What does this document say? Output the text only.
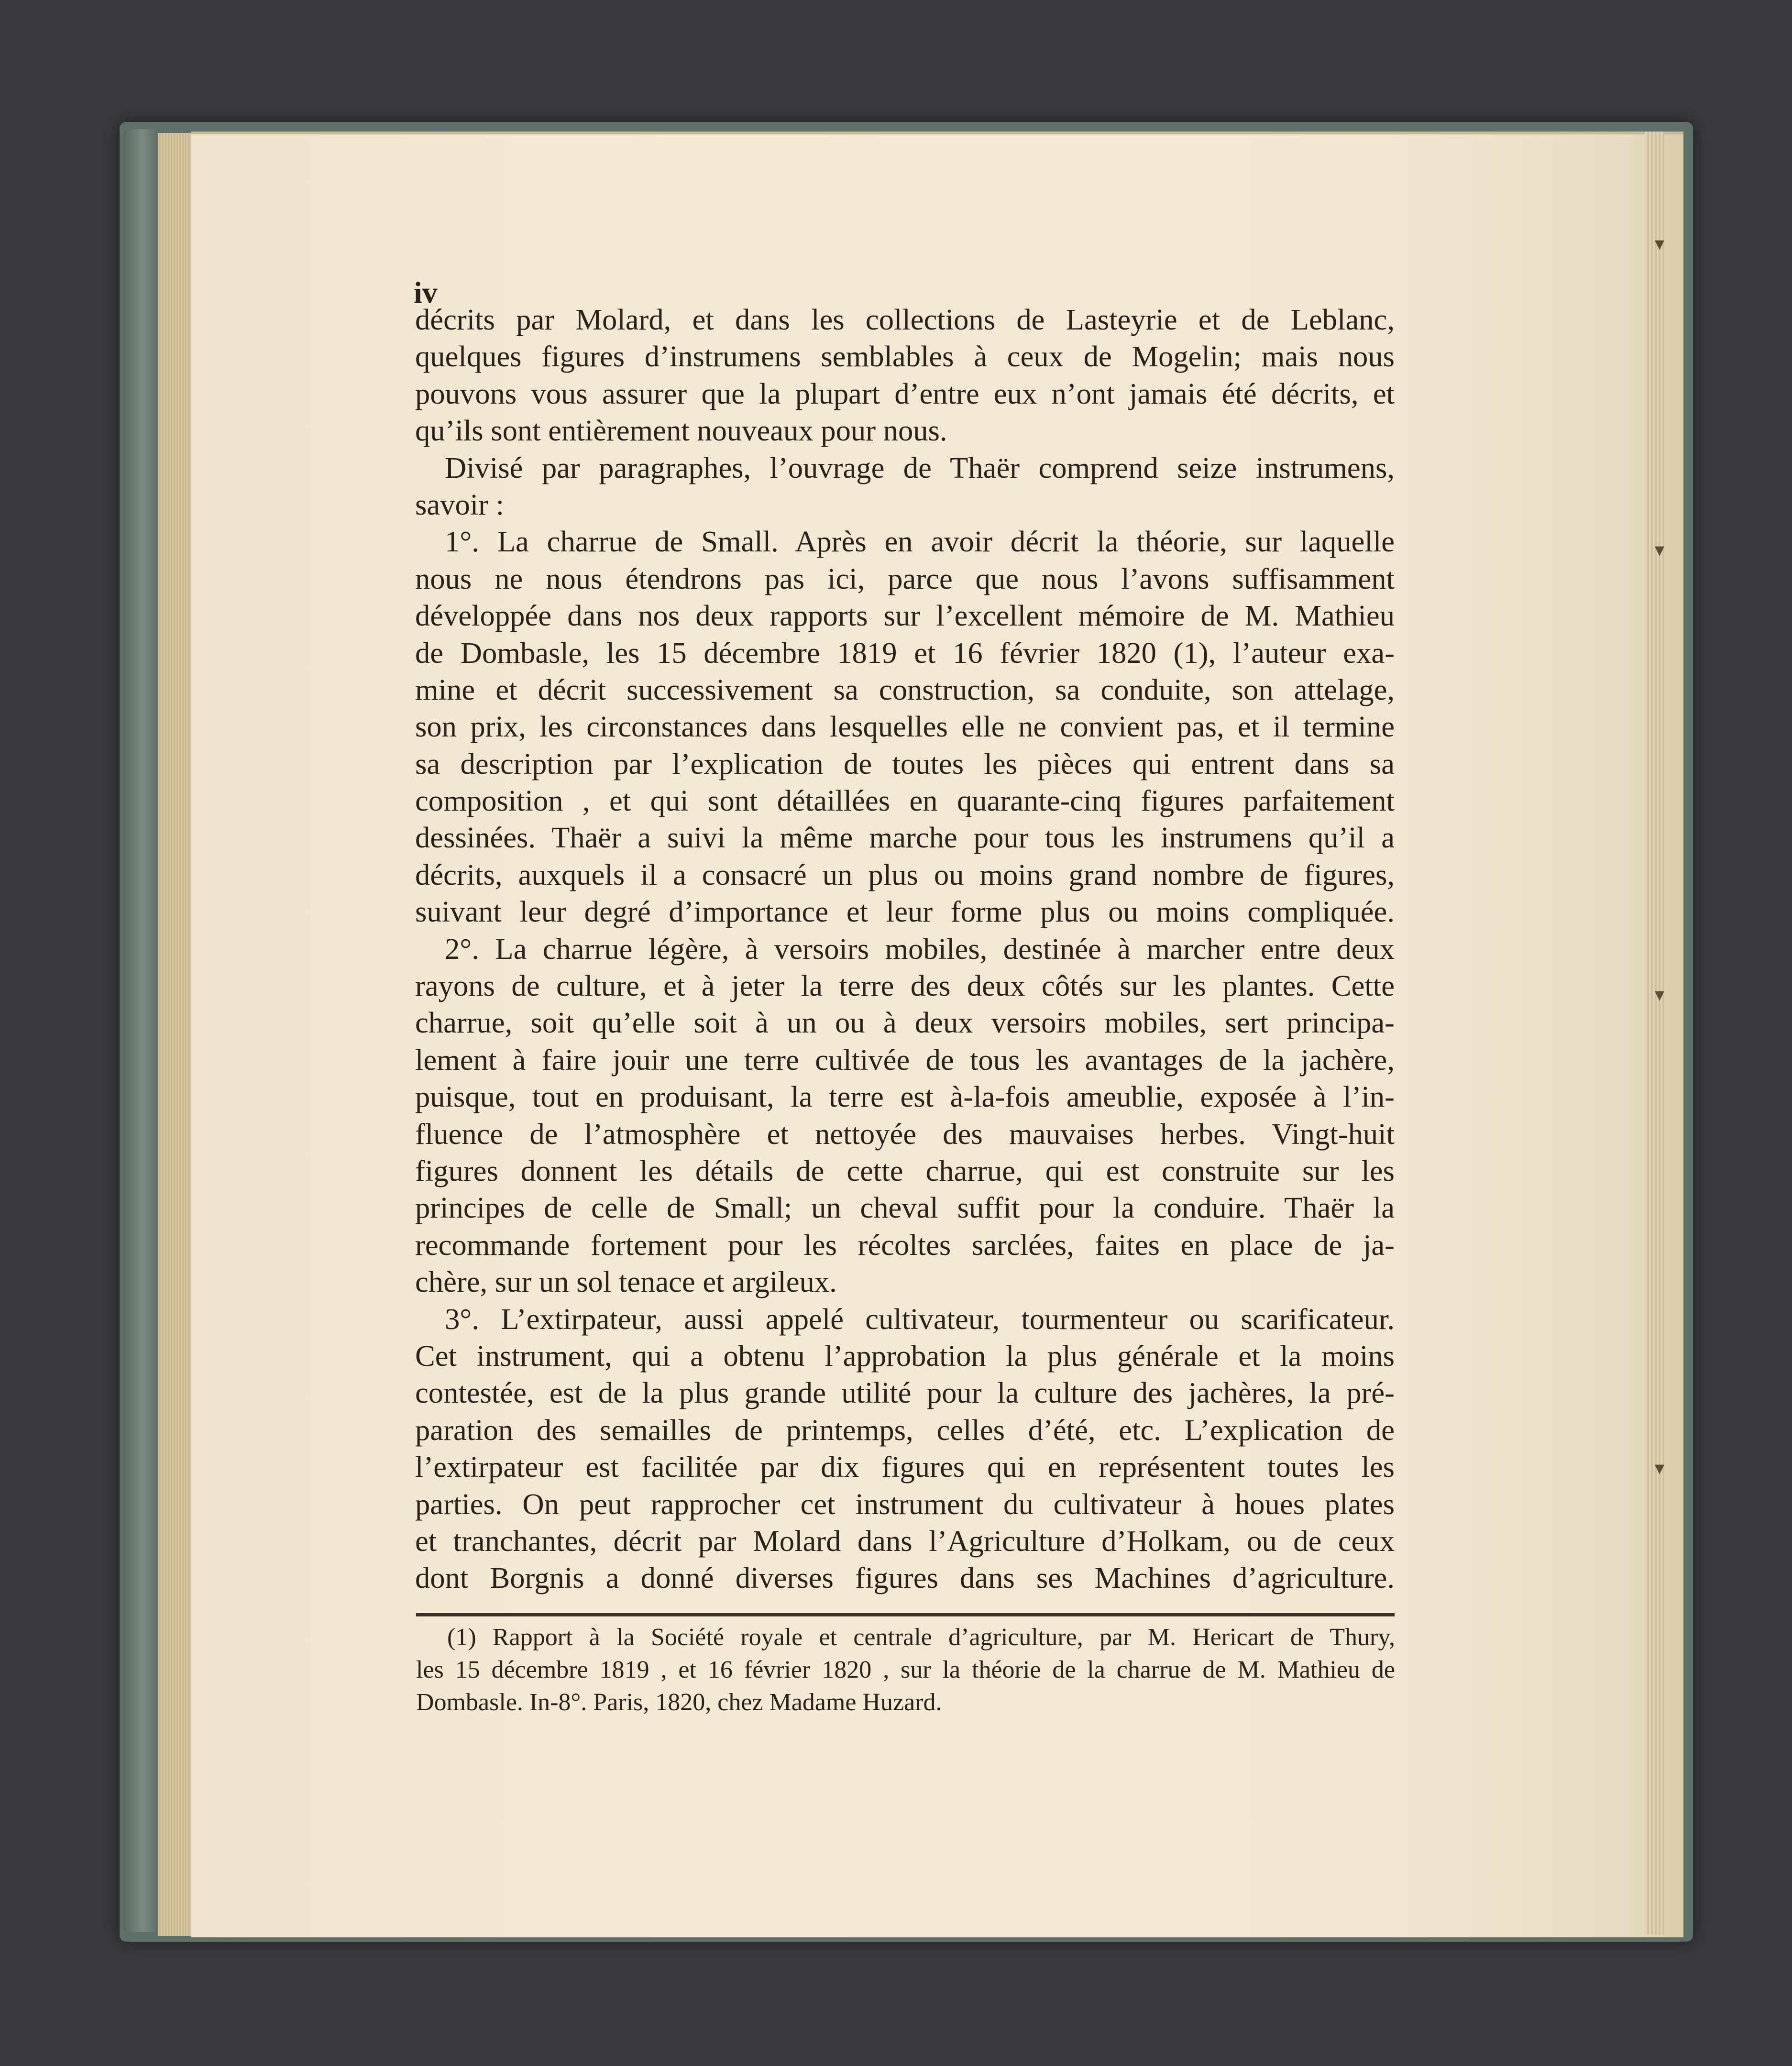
▾
▾
▾
▾
iv
décrits par Molard, et dans les collections de Lasteyrie et de Leblanc,
quelques figures d’instrumens semblables à ceux de Mogelin; mais nous
pouvons vous assurer que la plupart d’entre eux n’ont jamais été décrits, et
qu’ils sont entièrement nouveaux pour nous.
Divisé par paragraphes, l’ouvrage de Thaër comprend seize instrumens,
savoir :
1°. La charrue de Small. Après en avoir décrit la théorie, sur laquelle
nous ne nous étendrons pas ici, parce que nous l’avons suffisamment
développée dans nos deux rapports sur l’excellent mémoire de M. Mathieu
de Dombasle, les 15 décembre 1819 et 16 février 1820 (1), l’auteur exa-
mine et décrit successivement sa construction, sa conduite, son attelage,
son prix, les circonstances dans lesquelles elle ne convient pas, et il termine
sa description par l’explication de toutes les pièces qui entrent dans sa
composition , et qui sont détaillées en quarante-cinq figures parfaitement
dessinées. Thaër a suivi la même marche pour tous les instrumens qu’il a
décrits, auxquels il a consacré un plus ou moins grand nombre de figures,
suivant leur degré d’importance et leur forme plus ou moins compliquée.
2°. La charrue légère, à versoirs mobiles, destinée à marcher entre deux
rayons de culture, et à jeter la terre des deux côtés sur les plantes. Cette
charrue, soit qu’elle soit à un ou à deux versoirs mobiles, sert principa-
lement à faire jouir une terre cultivée de tous les avantages de la jachère,
puisque, tout en produisant, la terre est à-la-fois ameublie, exposée à l’in-
fluence de l’atmosphère et nettoyée des mauvaises herbes. Vingt-huit
figures donnent les détails de cette charrue, qui est construite sur les
principes de celle de Small; un cheval suffit pour la conduire. Thaër la
recommande fortement pour les récoltes sarclées, faites en place de ja-
chère, sur un sol tenace et argileux.
3°. L’extirpateur, aussi appelé cultivateur, tourmenteur ou scarificateur.
Cet instrument, qui a obtenu l’approbation la plus générale et la moins
contestée, est de la plus grande utilité pour la culture des jachères, la pré-
paration des semailles de printemps, celles d’été, etc. L’explication de
l’extirpateur est facilitée par dix figures qui en représentent toutes les
parties. On peut rapprocher cet instrument du cultivateur à houes plates
et tranchantes, décrit par Molard dans l’Agriculture d’Holkam, ou de ceux
dont Borgnis a donné diverses figures dans ses Machines d’agriculture.
(1) Rapport à la Société royale et centrale d’agriculture, par M. Hericart de Thury,
les 15 décembre 1819 , et 16 février 1820 , sur la théorie de la charrue de M. Mathieu de
Dombasle. In-8°. Paris, 1820, chez Madame Huzard.
